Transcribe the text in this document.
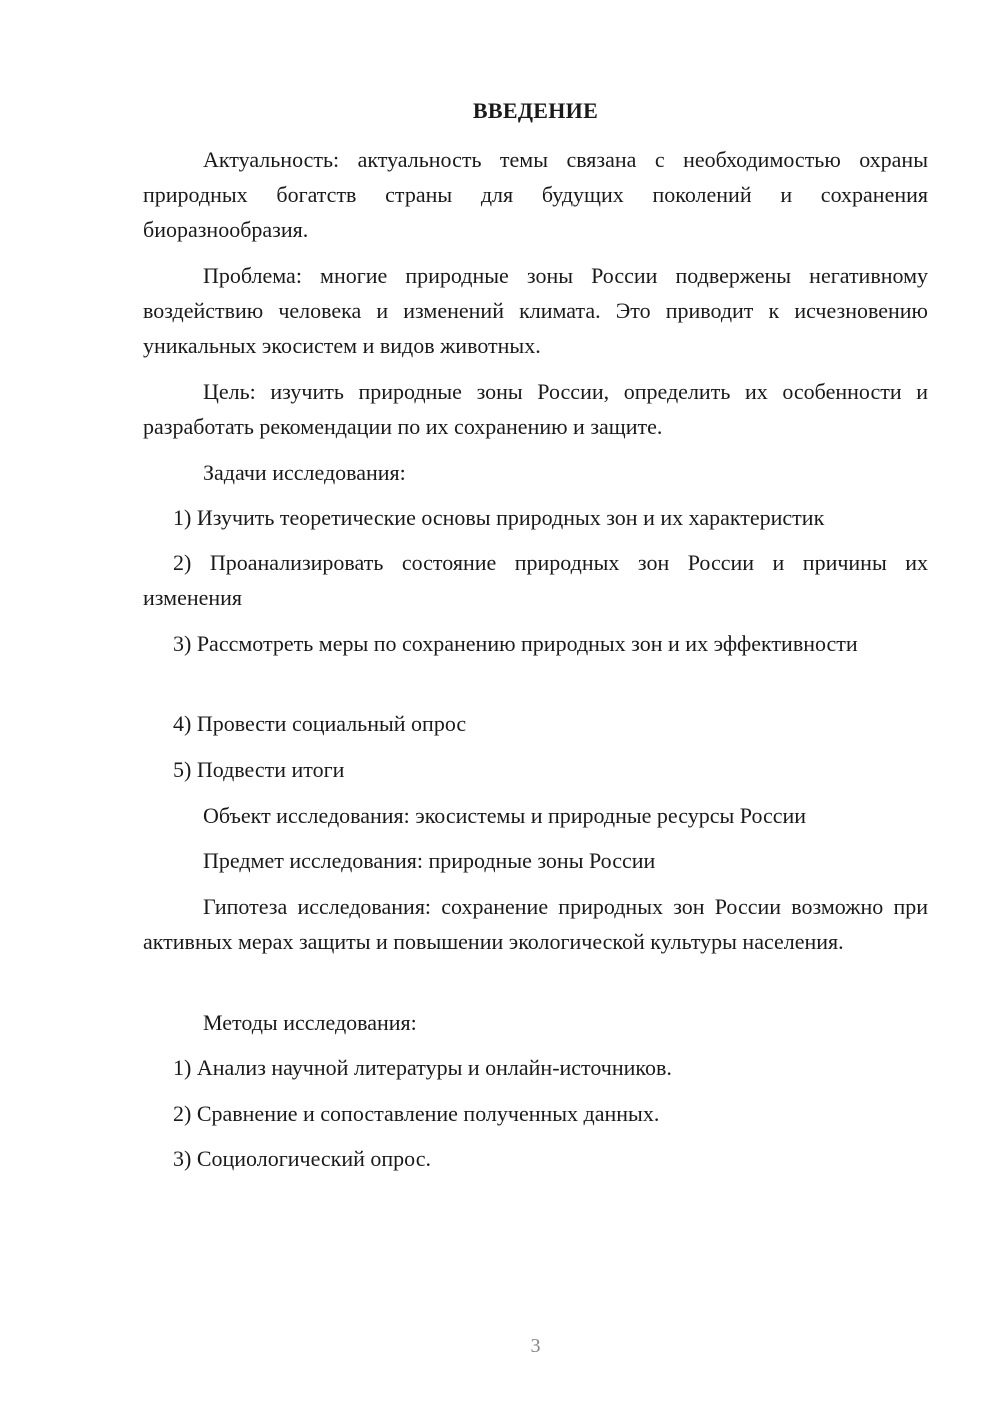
ВВЕДЕНИЕ

Актуальность: актуальность темы связана с необходимостью охраны природных богатств страны для будущих поколений и сохранения биоразнообразия.

Проблема: многие природные зоны России подвержены негативному воздействию человека и изменений климата. Это приводит к исчезновению уникальных экосистем и видов животных.

Цель: изучить природные зоны России, определить их особенности и разработать рекомендации по их сохранению и защите.

Задачи исследования:

1) Изучить теоретические основы природных зон и их характеристик

2) Проанализировать состояние природных зон России и причины их изменения

3) Рассмотреть меры по сохранению природных зон и их эффективности

4) Провести социальный опрос

5) Подвести итоги

Объект исследования: экосистемы и природные ресурсы России

Предмет исследования: природные зоны России

Гипотеза исследования: сохранение природных зон России возможно при активных мерах защиты и повышении экологической культуры населения.

Методы исследования:

1) Анализ научной литературы и онлайн-источников.

2) Сравнение и сопоставление полученных данных.

3) Социологический опрос.

3
